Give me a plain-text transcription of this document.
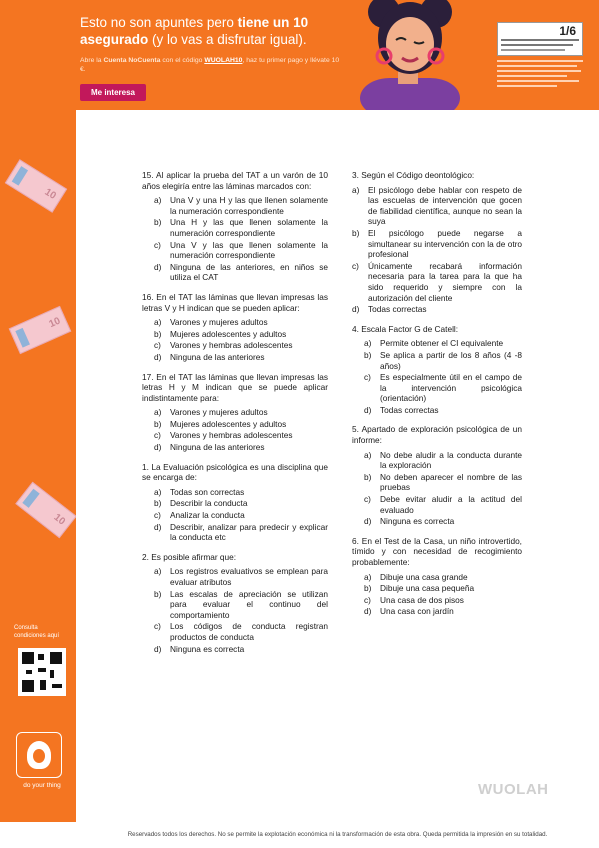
Esto no son apuntes pero tiene un 10 asegurado (y lo vas a disfrutar igual).
Abre la Cuenta NoCuenta con el código WUOLAH10, haz tu primer pago y llévate 10 €.
Me interesa
1/6
10
10
10
Consulta condiciones aquí
do your thing
15. Al aplicar la prueba del TAT a un varón de 10 años elegiría entre las láminas marcados con:
a) Una V y una H y las que llenen solamente la numeración correspondiente
b) Una H y las que llenen solamente la numeración correspondiente
c) Una V y las que llenen solamente la numeración correspondiente
d) Ninguna de las anteriores, en niños se utiliza el CAT
16. En el TAT las láminas que llevan impresas las letras V y H indican que se pueden aplicar:
a) Varones y mujeres adultos
b) Mujeres adolescentes y adultos
c) Varones y hembras adolescentes
d) Ninguna de las anteriores
17. En el TAT las láminas que llevan impresas las letras H y M indican que se puede aplicar indistintamente para:
a) Varones y mujeres adultos
b) Mujeres adolescentes y adultos
c) Varones y hembras adolescentes
d) Ninguna de las anteriores
1. La Evaluación psicológica es una disciplina que se encarga de:
a) Todas son correctas
b) Describir la conducta
c) Analizar la conducta
d) Describir, analizar para predecir y explicar la conducta etc
2. Es posible afirmar que:
a) Los registros evaluativos se emplean para evaluar atributos
b) Las escalas de apreciación se utilizan para evaluar el continuo del comportamiento
c) Los códigos de conducta registran productos de conducta
d) Ninguna es correcta
3. Según el Código deontológico:
a) El psicólogo debe hablar con respeto de las escuelas de intervención que gocen de fiabilidad científica, aunque no sean la suya
b) El psicólogo puede negarse a simultanear su intervención con la de otro profesional
c) Únicamente recabará información necesaria para la tarea para la que ha sido requerido y siempre con la autorización del cliente
d) Todas correctas
4. Escala Factor G de Catell:
a) Permite obtener el CI equivalente
b) Se aplica a partir de los 8 años (4 -8 años)
c) Es especialmente útil en el campo de la intervención psicológica (orientación)
d) Todas correctas
5. Apartado de exploración psicológica de un informe:
a) No debe aludir a la conducta durante la exploración
b) No deben aparecer el nombre de las pruebas
c) Debe evitar aludir a la actitud del evaluado
d) Ninguna es correcta
6. En el Test de la Casa, un niño introvertido, tímido y con necesidad de recogimiento probablemente:
a) Dibuje una casa grande
b) Dibuje una casa pequeña
c) Una casa de dos pisos
d) Una casa con jardín
WUOLAH
Reservados todos los derechos. No se permite la explotación económica ni la transformación de esta obra. Queda permitida la impresión en su totalidad.
